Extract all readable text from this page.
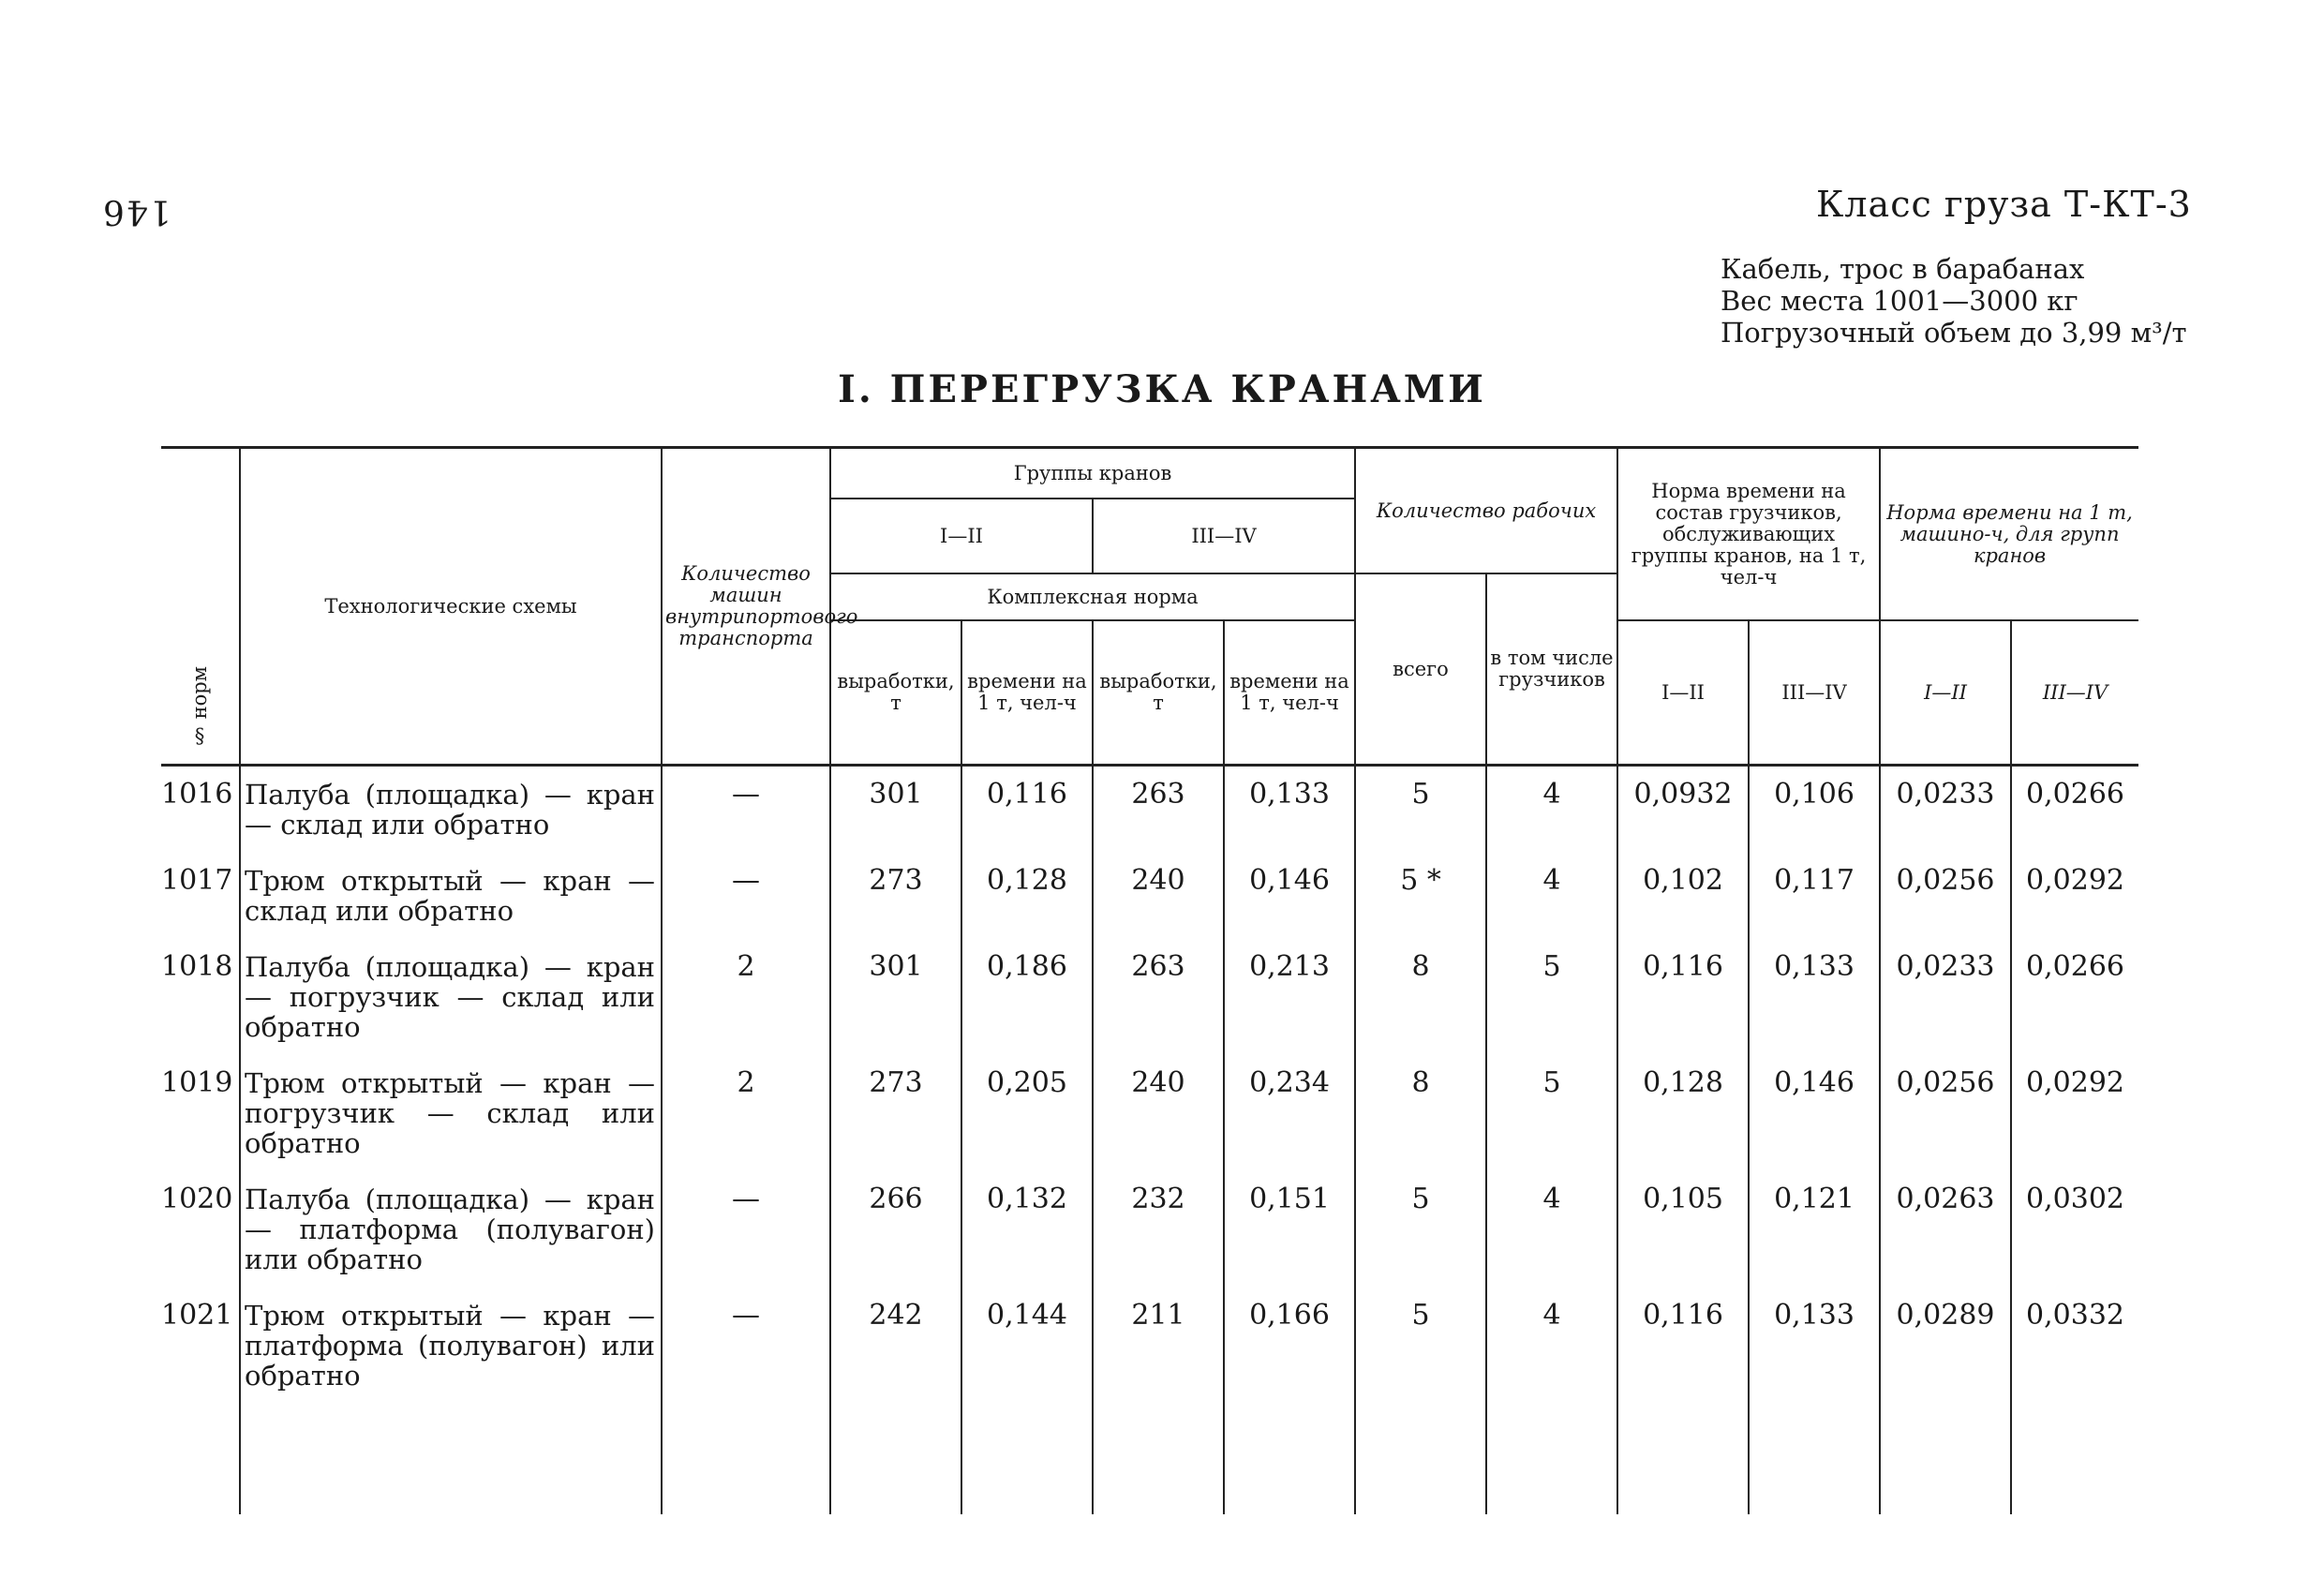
146	Класс груза Т-КТ-3
Кабель, трос в барабанах
Вес места 1001—3000 кг
Погрузочный объем до 3,99 м³/т
I. ПЕРЕГРУЗКА КРАНАМИ
§ норм	Технологические схемы	Количество машин внутрипортового транспорта	Группы кранов				Количество рабочих		Норма времени на состав грузчиков, обслуживающих группы кранов, на 1 т, чел-ч		Норма времени на 1 т, машино-ч, для групп кранов	
			I—II		III—IV							
			Комплексная норма				всего	в том числе грузчиков				
			выработки, т	времени на 1 т, чел-ч	выработки, т	времени на 1 т, чел-ч			I—II	III—IV	I—II	III—IV
1016	Палуба (площадка) — кран — склад или обратно	—	301	0,116	263	0,133	5	4	0,0932	0,106	0,0233	0,0266
1017	Трюм открытый — кран — склад или обратно	—	273	0,128	240	0,146	5 *	4	0,102	0,117	0,0256	0,0292
1018	Палуба (площадка) — кран — погрузчик — склад или обратно	2	301	0,186	263	0,213	8	5	0,116	0,133	0,0233	0,0266
1019	Трюм открытый — кран — погрузчик — склад или обратно	2	273	0,205	240	0,234	8	5	0,128	0,146	0,0256	0,0292
1020	Палуба (площадка) — кран — платформа (полувагон) или обратно	—	266	0,132	232	0,151	5	4	0,105	0,121	0,0263	0,0302
1021	Трюм открытый — кран — платформа (полувагон) или обратно	—	242	0,144	211	0,166	5	4	0,116	0,133	0,0289	0,0332
